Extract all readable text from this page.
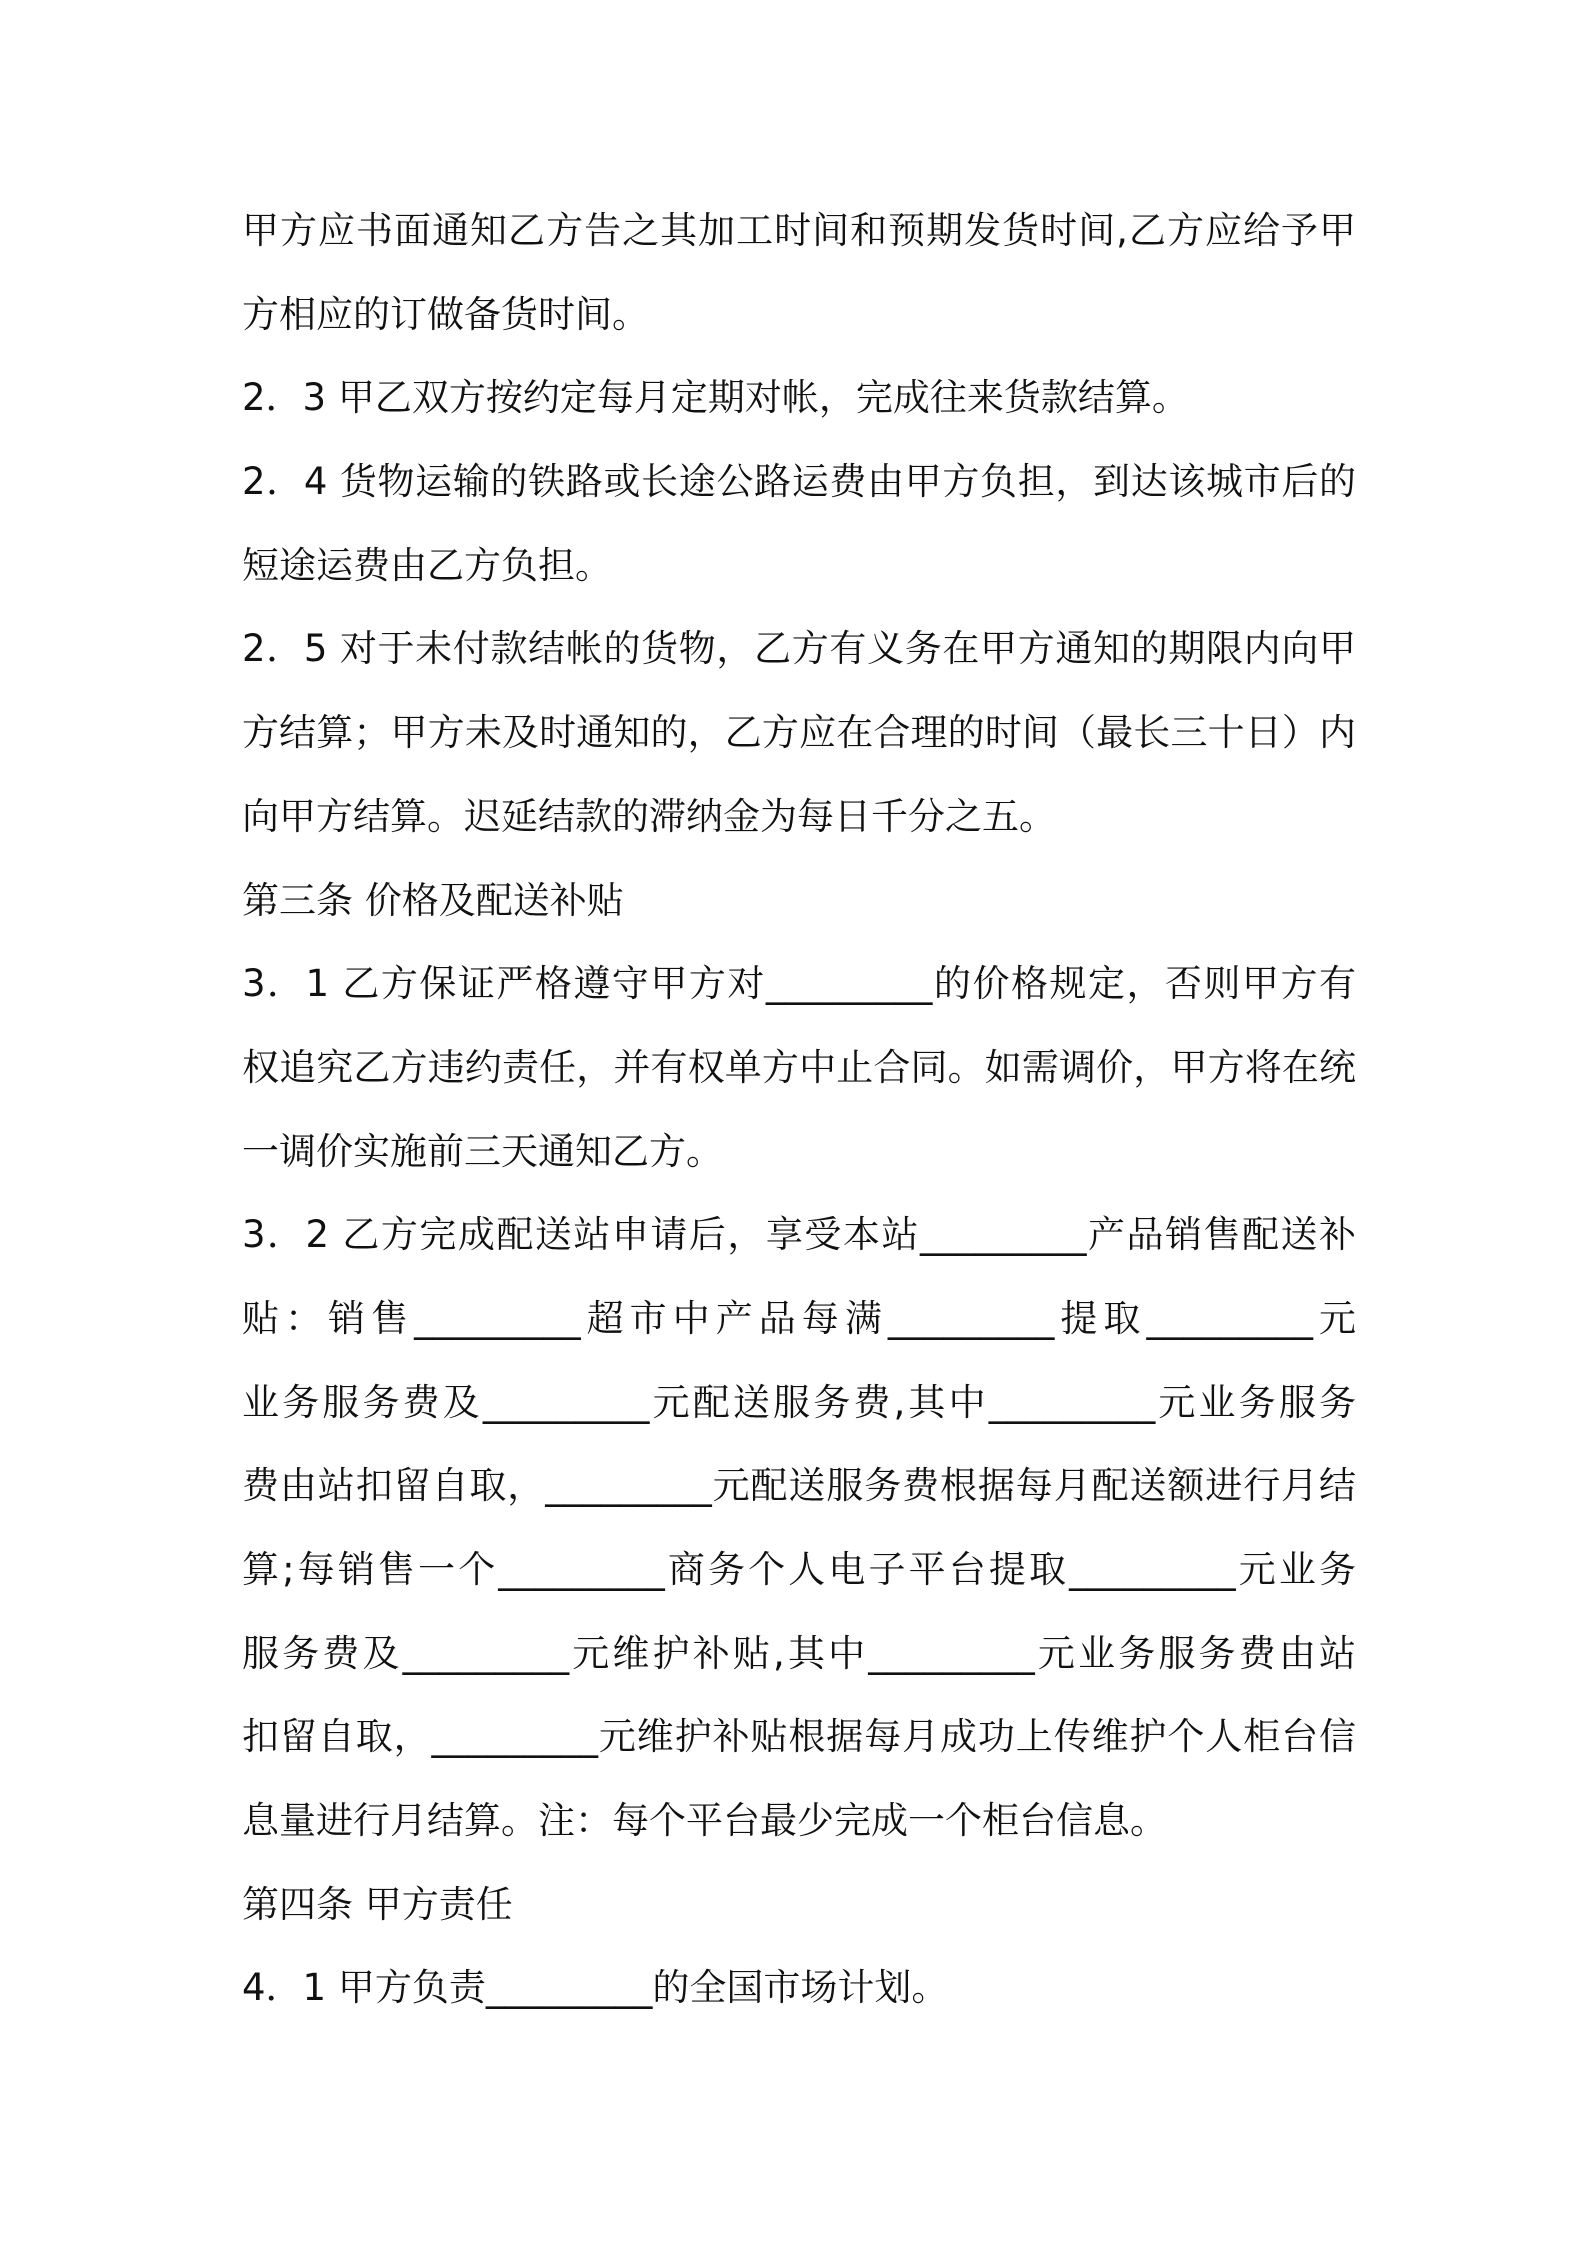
甲方应书面通知乙方告之其加工时间和预期发货时间,乙方应给予甲
方相应的订做备货时间。
2．3 甲乙双方按约定每月定期对帐，完成往来货款结算。
2．4 货物运输的铁路或长途公路运费由甲方负担，到达该城市后的
短途运费由乙方负担。
2．5 对于未付款结帐的货物，乙方有义务在甲方通知的期限内向甲
方结算；甲方未及时通知的，乙方应在合理的时间（最长三十日）内
向甲方结算。迟延结款的滞纳金为每日千分之五。
第三条 价格及配送补贴
3．1 乙方保证严格遵守甲方对_________的价格规定，否则甲方有
权追究乙方违约责任，并有权单方中止合同。如需调价，甲方将在统
一调价实施前三天通知乙方。
3．2 乙方完成配送站申请后，享受本站_________产品销售配送补
贴：销售_________超市中产品每满_________提取_________元
业务服务费及_________元配送服务费,其中_________元业务服务
费由站扣留自取，_________元配送服务费根据每月配送额进行月结
算;每销售一个_________商务个人电子平台提取_________元业务
服务费及_________元维护补贴,其中_________元业务服务费由站
扣留自取，_________元维护补贴根据每月成功上传维护个人柜台信
息量进行月结算。注：每个平台最少完成一个柜台信息。
第四条 甲方责任
4．1 甲方负责_________的全国市场计划。
